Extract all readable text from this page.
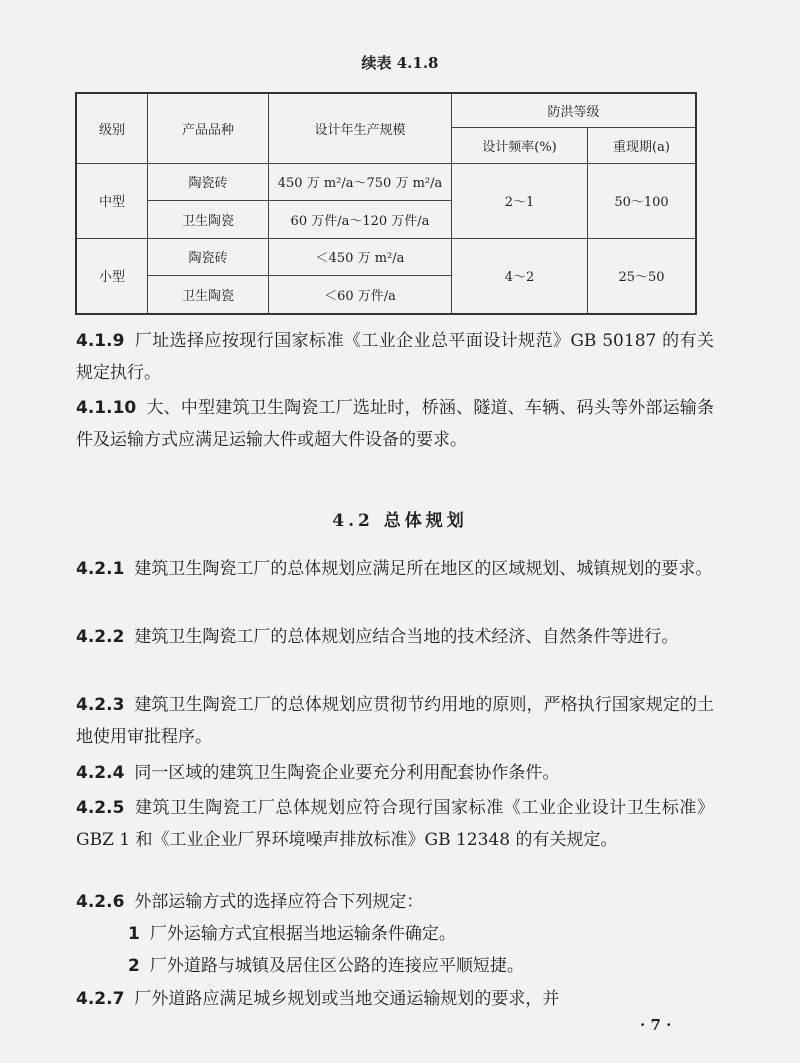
续表 4.1.8
级别	产品品种	设计年生产规模	防洪等级	
			设计频率(%)	重现期(a)
中型	陶瓷砖	450 万 m²/a～750 万 m²/a	2～1	50～100
	卫生陶瓷	60 万件/a～120 万件/a		
小型	陶瓷砖	＜450 万 m²/a	4～2	25～50
	卫生陶瓷	＜60 万件/a		
4.1.9 厂址选择应按现行国家标准《工业企业总平面设计规范》GB 50187 的有关规定执行。
4.1.10 大、中型建筑卫生陶瓷工厂选址时，桥涵、隧道、车辆、码头等外部运输条件及运输方式应满足运输大件或超大件设备的要求。
4.2 总体规划
4.2.1 建筑卫生陶瓷工厂的总体规划应满足所在地区的区域规划、城镇规划的要求。
4.2.2 建筑卫生陶瓷工厂的总体规划应结合当地的技术经济、自然条件等进行。
4.2.3 建筑卫生陶瓷工厂的总体规划应贯彻节约用地的原则，严格执行国家规定的土地使用审批程序。
4.2.4 同一区域的建筑卫生陶瓷企业要充分利用配套协作条件。
4.2.5 建筑卫生陶瓷工厂总体规划应符合现行国家标准《工业企业设计卫生标准》GBZ 1 和《工业企业厂界环境噪声排放标准》GB 12348 的有关规定。
4.2.6 外部运输方式的选择应符合下列规定：
1 厂外运输方式宜根据当地运输条件确定。
2 厂外道路与城镇及居住区公路的连接应平顺短捷。
4.2.7 厂外道路应满足城乡规划或当地交通运输规划的要求，并
· 7 ·
